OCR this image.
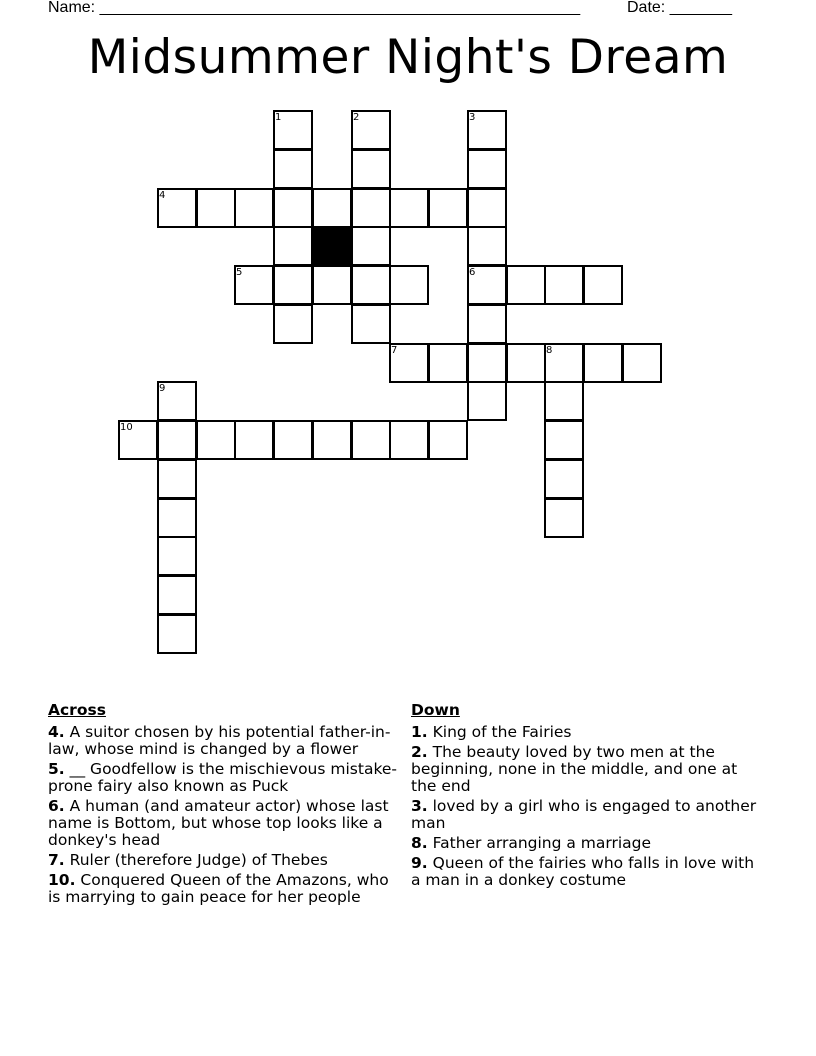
Name: ______________________________________________________	Date: _______
Midsummer Night's Dream
1	2	3
4
5	6
7	8
9
10
Across
4. A suitor chosen by his potential father-in-law, whose mind is changed by a flower
5. __ Goodfellow is the mischievous mistake-prone fairy also known as Puck
6. A human (and amateur actor) whose last name is Bottom, but whose top looks like a donkey's head
7. Ruler (therefore Judge) of Thebes
10. Conquered Queen of the Amazons, who is marrying to gain peace for her people
Down
1. King of the Fairies
2. The beauty loved by two men at the beginning, none in the middle, and one at the end
3. loved by a girl who is engaged to another man
8. Father arranging a marriage
9. Queen of the fairies who falls in love with a man in a donkey costume
